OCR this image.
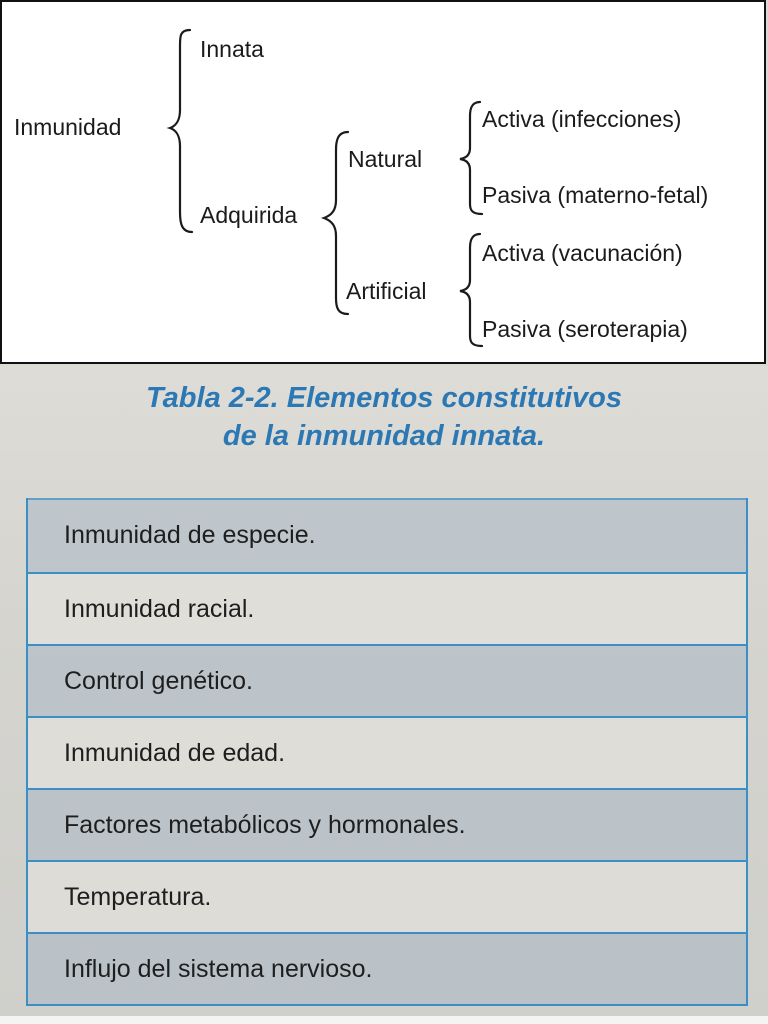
Inmunidad
Innata
Adquirida
Natural
Artificial
Activa (infecciones)
Pasiva (materno-fetal)
Activa (vacunación)
Pasiva (seroterapia)
Tabla 2-2. Elementos constitutivos
de la inmunidad innata.
Inmunidad de especie.
Inmunidad racial.
Control genético.
Inmunidad de edad.
Factores metabólicos y hormonales.
Temperatura.
Influjo del sistema nervioso.
